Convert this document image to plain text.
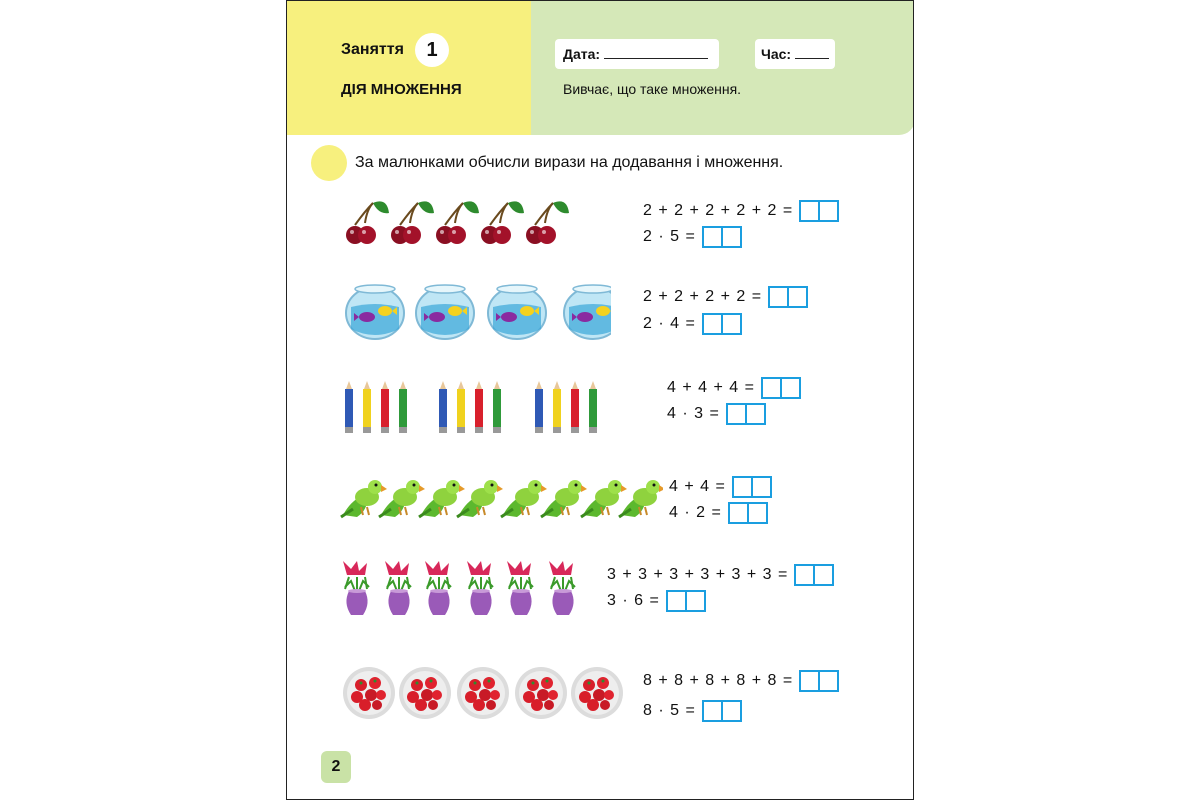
Заняття	1
ДІЯ МНОЖЕННЯ
Дата:	Час:
Вивчає, що таке множення.
За малюнками обчисли вирази на додавання і множення.
2 + 2 + 2 + 2 + 2 =
2 · 5 =
2 + 2 + 2 + 2 =
2 · 4 =
4 + 4 + 4 =
4 · 3 =
4 + 4 =
4 · 2 =
3 + 3 + 3 + 3 + 3 + 3 =
3 · 6 =
8 + 8 + 8 + 8 + 8 =
8 · 5 =
2
